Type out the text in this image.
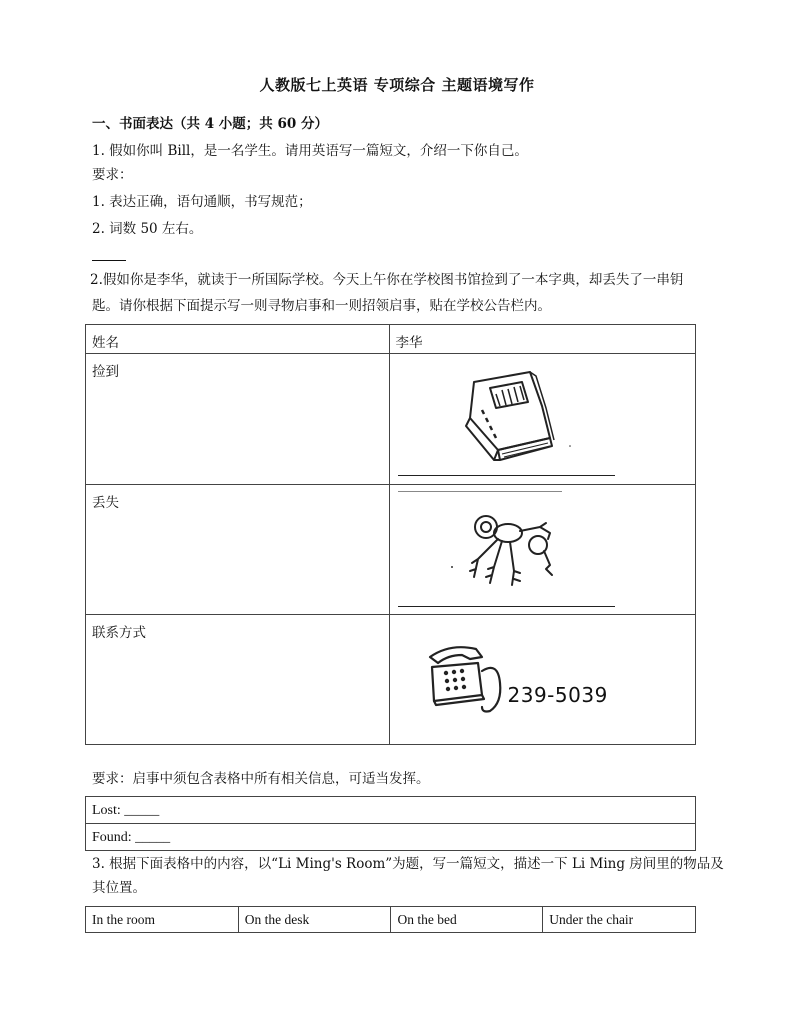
人教版七上英语 专项综合 主题语境写作
一、书面表达（共 4 小题；共 60 分）
1. 假如你叫 Bill，是一名学生。请用英语写一篇短文，介绍一下你自己。
要求：
1. 表达正确，语句通顺，书写规范；
2. 词数 50 左右。
2.假如你是李华，就读于一所国际学校。今天上午你在学校图书馆捡到了一本字典，却丢失了一串钥
匙。请你根据下面提示写一则寻物启事和一则招领启事，贴在学校公告栏内。
姓名	李华
捡到	

丢失	

联系方式	239-5039
要求：启事中须包含表格中所有相关信息，可适当发挥。
Lost: _____
Found: _____
3. 根据下面表格中的内容，以“Li Ming's Room”为题，写一篇短文，描述一下 Li Ming 房间里的物品及
其位置。
In the room	On the desk	On the bed	Under the chair
